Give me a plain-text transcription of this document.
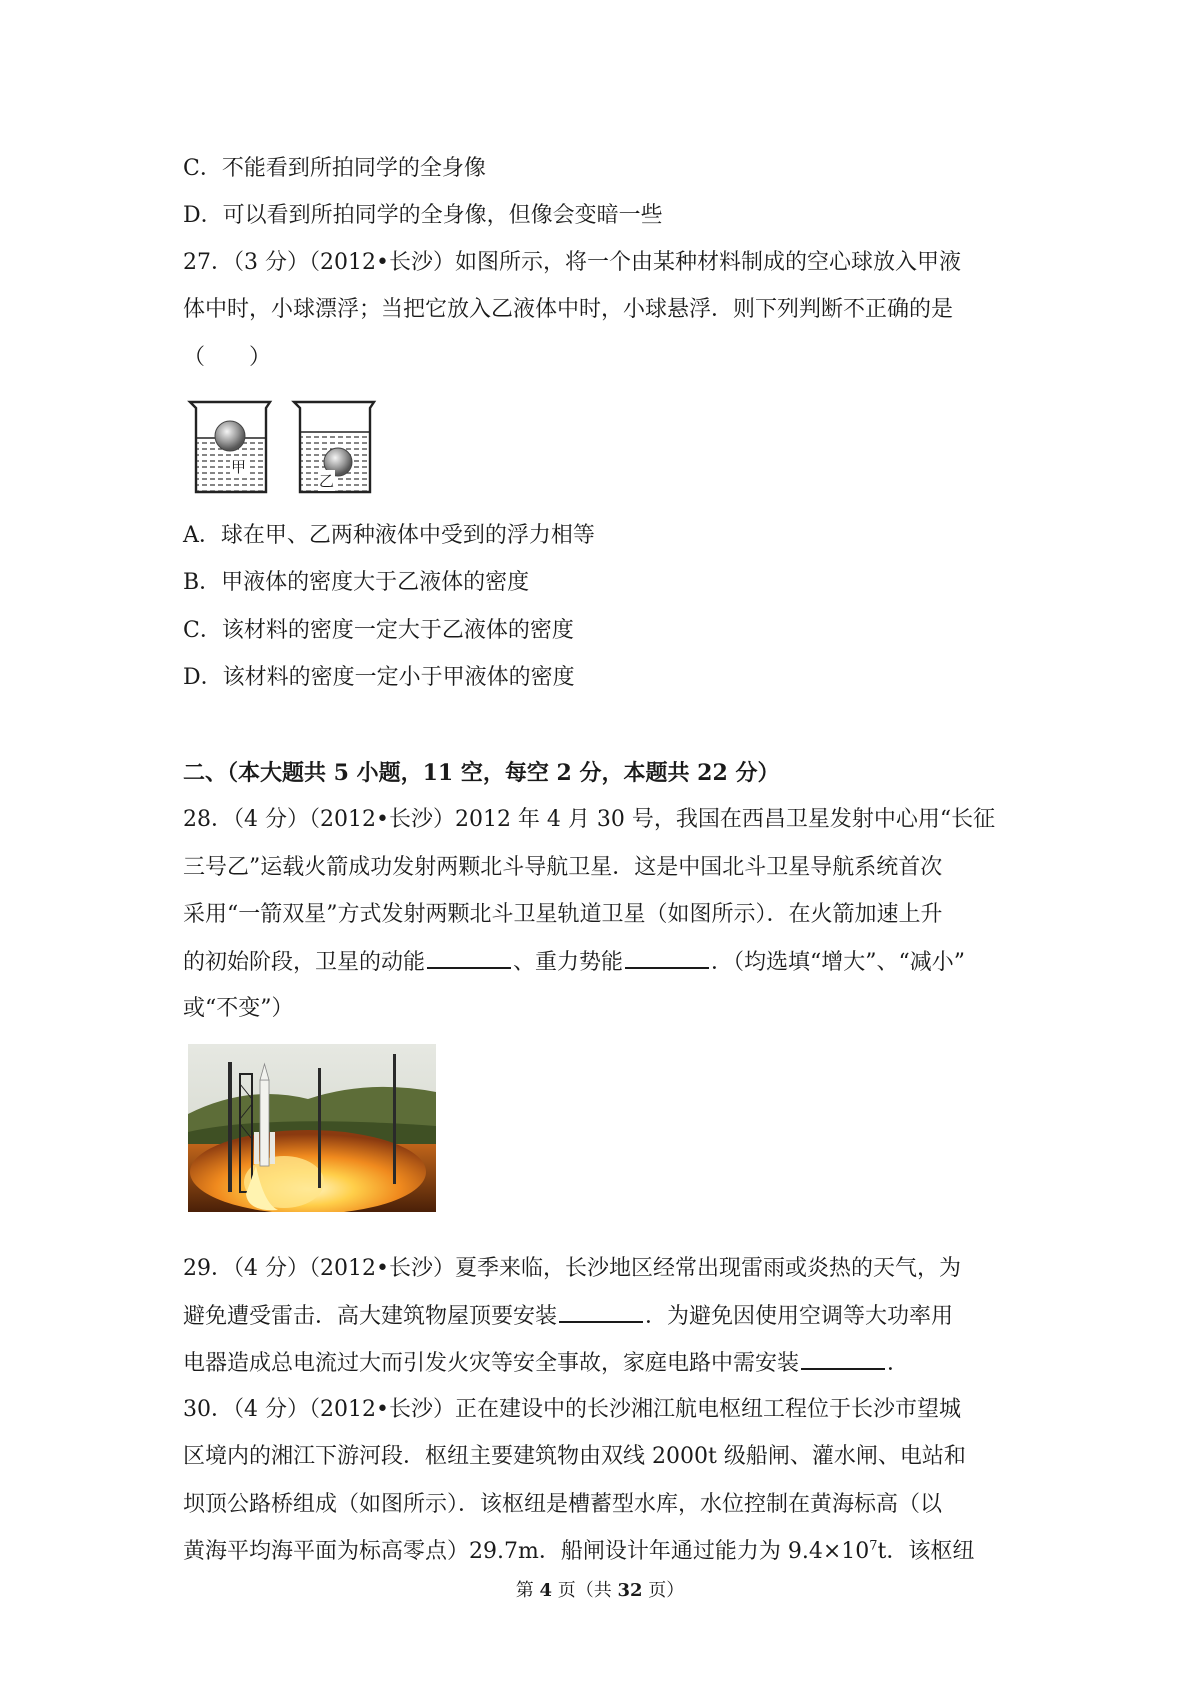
C．不能看到所拍同学的全身像
D．可以看到所拍同学的全身像，但像会变暗一些
27．（3 分）（2012•长沙）如图所示，将一个由某种材料制成的空心球放入甲液
体中时，小球漂浮；当把它放入乙液体中时，小球悬浮．则下列判断不正确的是
（　　）
甲
乙
A．球在甲、乙两种液体中受到的浮力相等
B．甲液体的密度大于乙液体的密度
C．该材料的密度一定大于乙液体的密度
D．该材料的密度一定小于甲液体的密度
二、（本大题共 5 小题，11 空，每空 2 分，本题共 22 分）
28．（4 分）（2012•长沙）2012 年 4 月 30 号，我国在西昌卫星发射中心用“长征
三号乙”运载火箭成功发射两颗北斗导航卫星．这是中国北斗卫星导航系统首次
采用“一箭双星”方式发射两颗北斗卫星轨道卫星（如图所示）．在火箭加速上升
的初始阶段，卫星的动能	、重力势能	．（均选填“增大”、“减小”
或“不变”）
29．（4 分）（2012•长沙）夏季来临，长沙地区经常出现雷雨或炎热的天气，为
避免遭受雷击．高大建筑物屋顶要安装	．为避免因使用空调等大功率用
电器造成总电流过大而引发火灾等安全事故，家庭电路中需安装	．
30．（4 分）（2012•长沙）正在建设中的长沙湘江航电枢纽工程位于长沙市望城
区境内的湘江下游河段．枢纽主要建筑物由双线 2000t 级船闸、灌水闸、电站和
坝顶公路桥组成（如图所示）．该枢纽是槽蓄型水库，水位控制在黄海标高（以
黄海平均海平面为标高零点）29.7m．船闸设计年通过能力为 $9.4\times 10^7t$．该枢纽
第 4 页（共 32 页）
